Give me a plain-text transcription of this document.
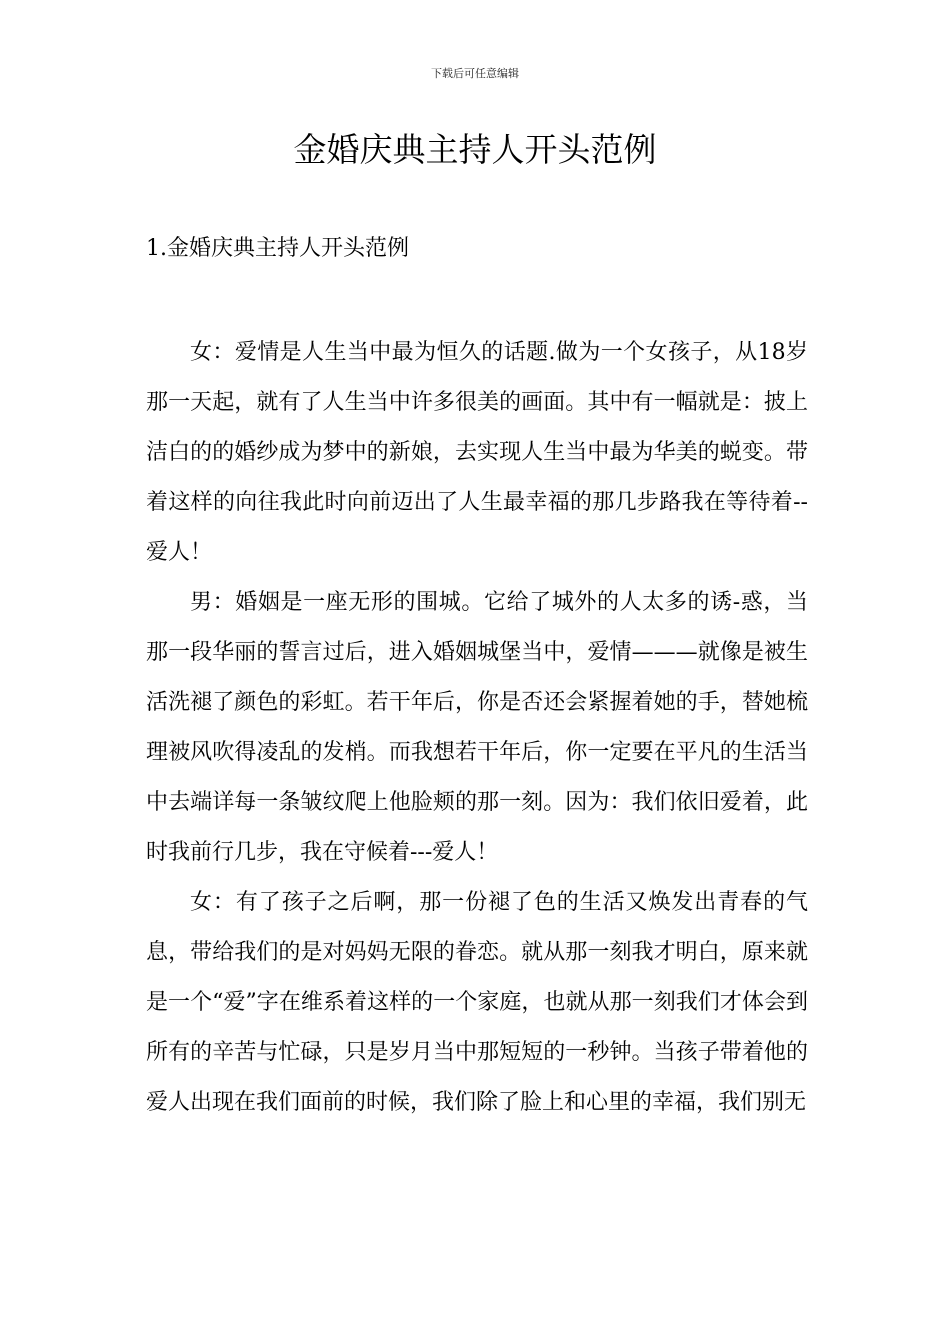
下载后可任意编辑
金婚庆典主持人开头范例
1.金婚庆典主持人开头范例

女：爱情是人生当中最为恒久的话题.做为一个女孩子，从18岁那一天起，就有了人生当中许多很美的画面。其中有一幅就是：披上洁白的的婚纱成为梦中的新娘，去实现人生当中最为华美的蜕变。带着这样的向往我此时向前迈出了人生最幸福的那几步路我在等待着--爱人！

男：婚姻是一座无形的围城。它给了城外的人太多的诱-惑，当那一段华丽的誓言过后，进入婚姻城堡当中，爱情———就像是被生活洗褪了颜色的彩虹。若干年后，你是否还会紧握着她的手，替她梳理被风吹得凌乱的发梢。而我想若干年后，你一定要在平凡的生活当中去端详每一条皱纹爬上他脸颊的那一刻。因为：我们依旧爱着，此时我前行几步，我在守候着---爱人！

女：有了孩子之后啊，那一份褪了色的生活又焕发出青春的气息，带给我们的是对妈妈无限的眷恋。就从那一刻我才明白，原来就是一个“爱”字在维系着这样的一个家庭，也就从那一刻我们才体会到所有的辛苦与忙碌，只是岁月当中那短短的一秒钟。当孩子带着他的爱人出现在我们面前的时候，我们除了脸上和心里的幸福，我们别无
